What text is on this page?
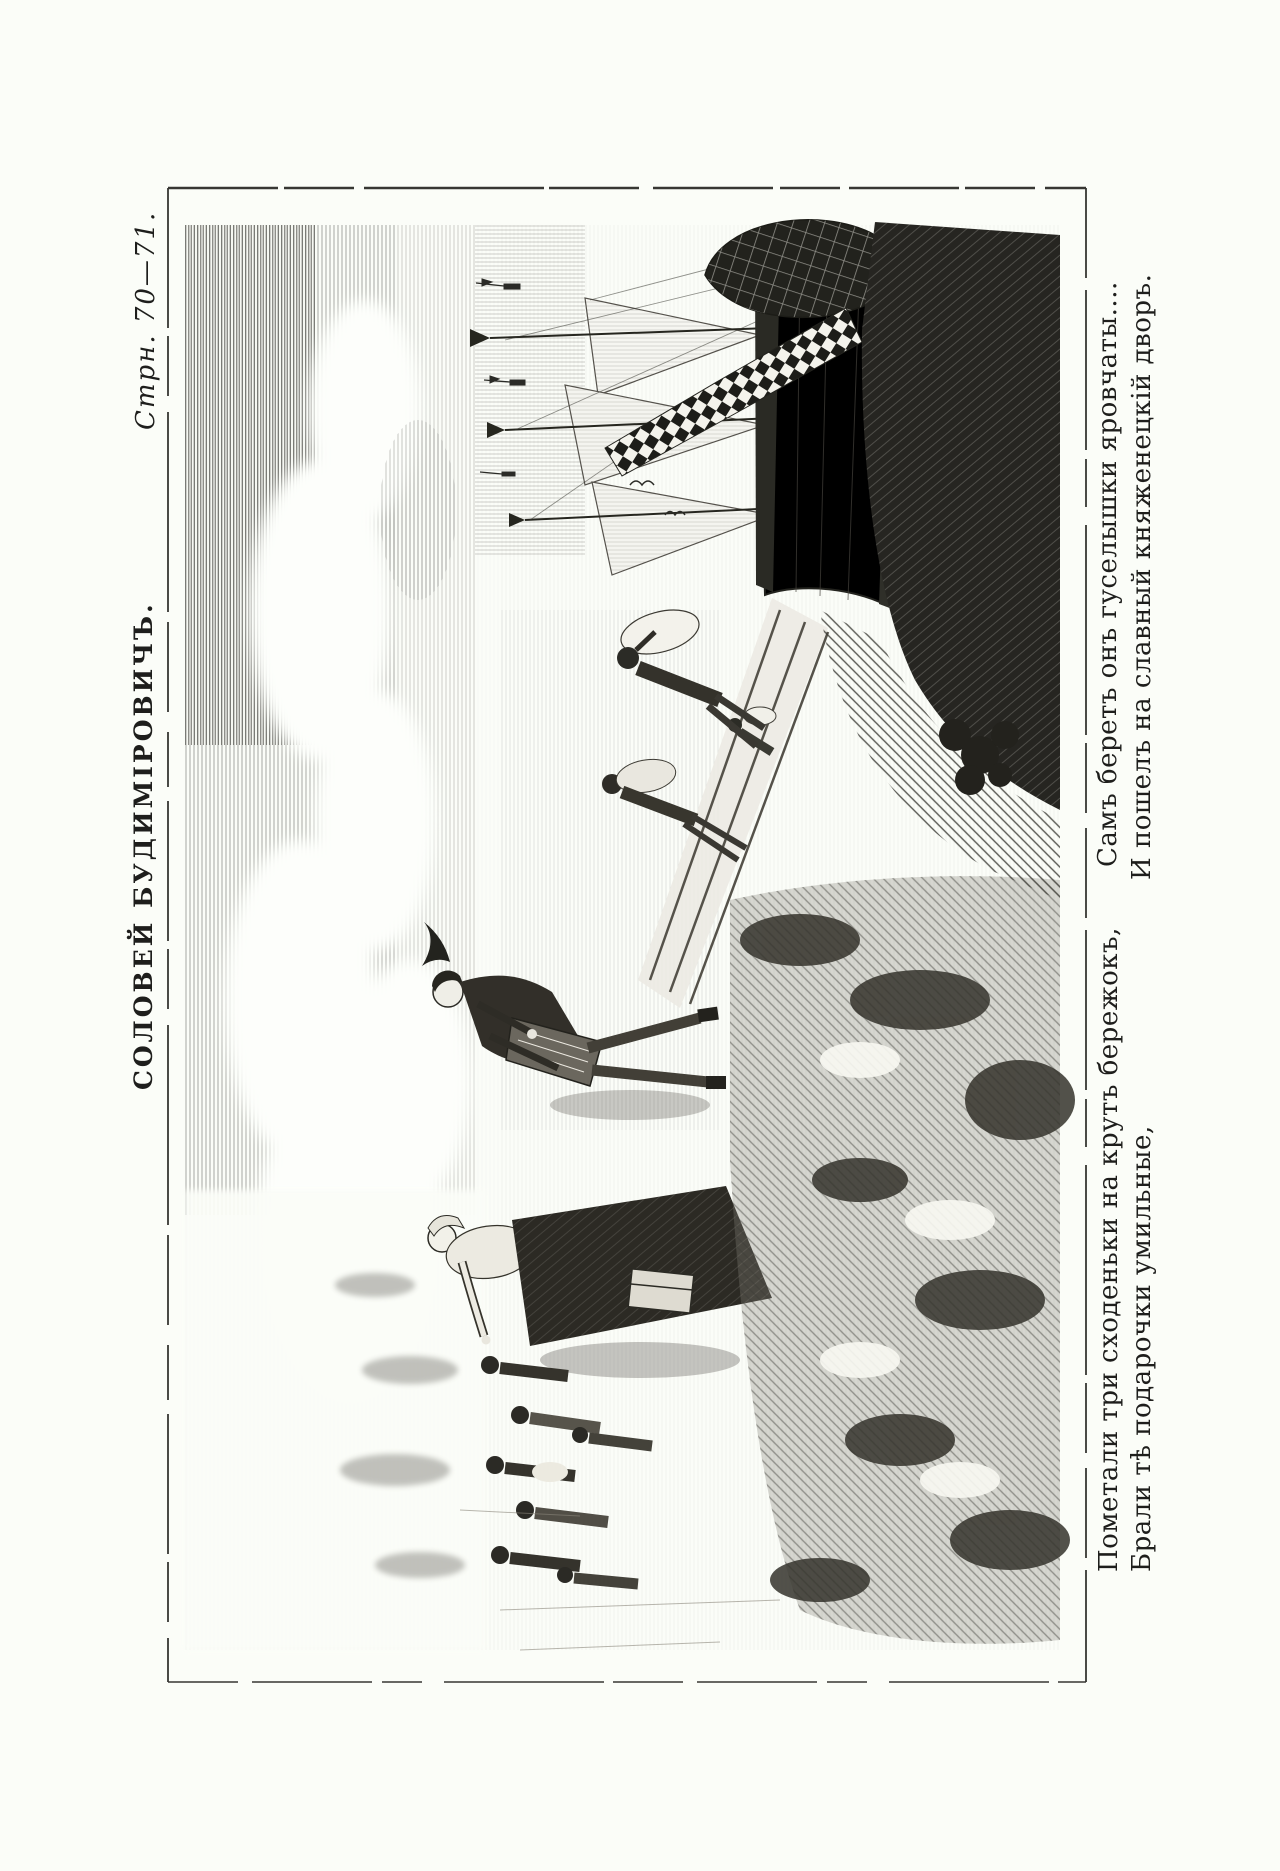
Стрн. 70—71.
СОЛОВЕЙ БУДИМІРОВИЧЪ.	Самъ беретъ онъ гуселышки яровчаты.... И пошелъ на славный княженецкій дворъ.
Пометали три сходеньки на крутъ бережокъ, Брали тѣ подарочки умильные,
